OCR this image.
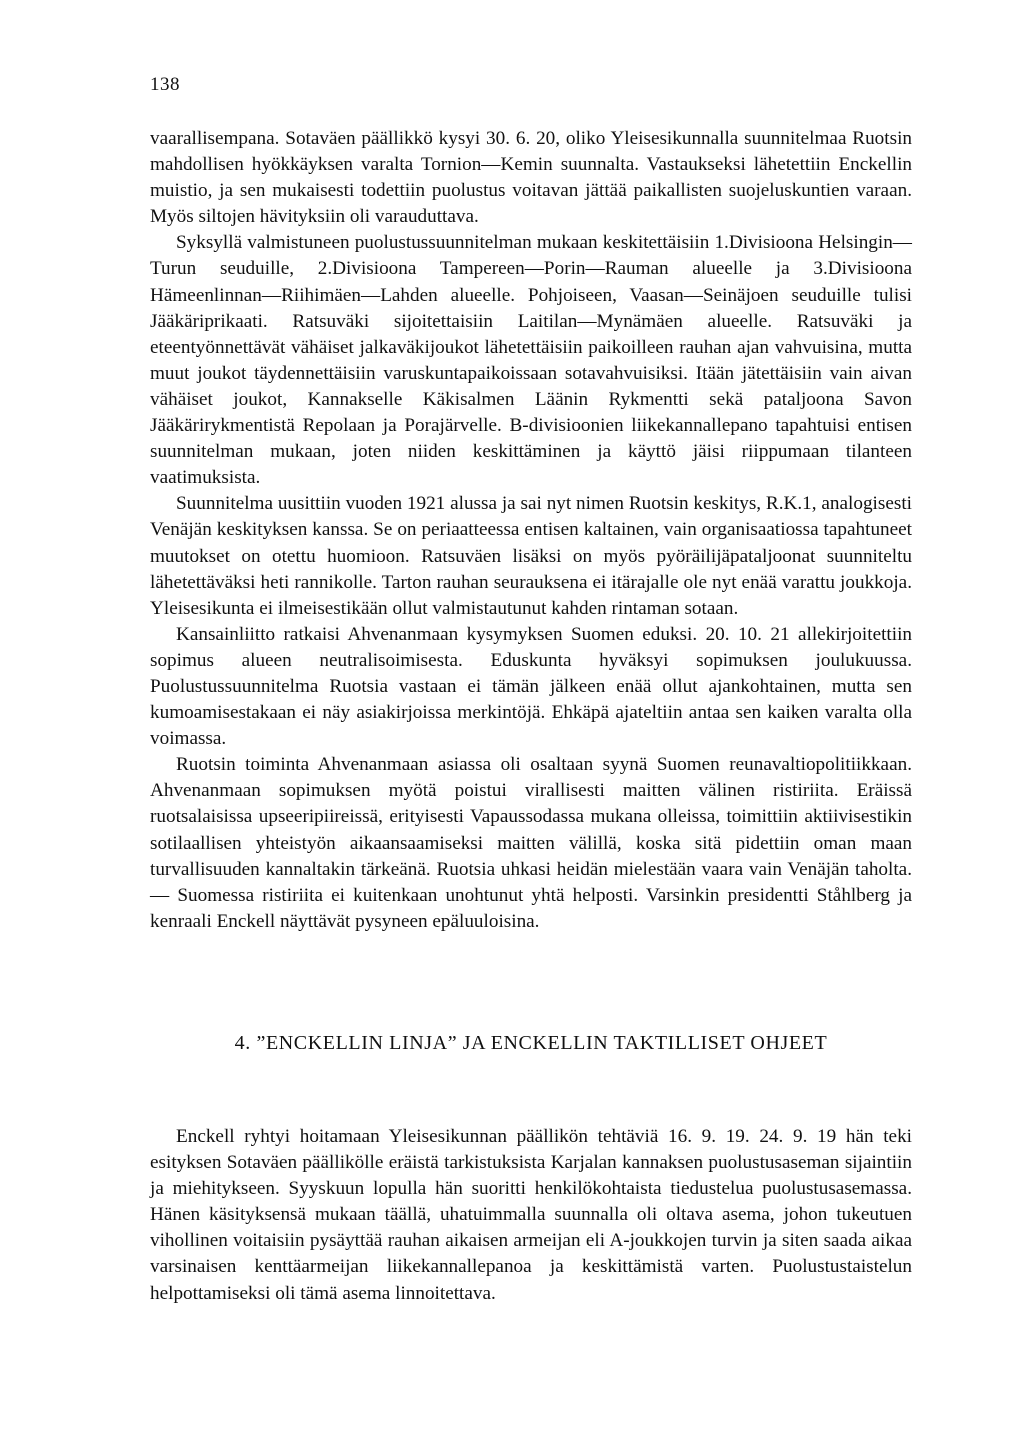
138

vaarallisempana. Sotaväen päällikkö kysyi 30. 6. 20, oliko Yleisesikunnalla suunnitelmaa Ruotsin mahdollisen hyökkäyksen varalta Tornion—Kemin suunnalta. Vastaukseksi lähetettiin Enckellin muistio, ja sen mukaisesti todettiin puolustus voitavan jättää paikallisten suojeluskuntien varaan. Myös siltojen hävityksiin oli varauduttava.

Syksyllä valmistuneen puolustussuunnitelman mukaan keskitettäisiin 1.Divisioona Helsingin—Turun seuduille, 2.Divisioona Tampereen—Porin—Rauman alueelle ja 3.Divisioona Hämeenlinnan—Riihimäen—Lahden alueelle. Pohjoiseen, Vaasan—Seinäjoen seuduille tulisi Jääkäriprikaati. Ratsuväki sijoitettaisiin Laitilan—Mynämäen alueelle. Ratsuväki ja eteentyönnettävät vähäiset jalkaväkijoukot lähetettäisiin paikoilleen rauhan ajan vahvuisina, mutta muut joukot täydennettäisiin varuskuntapaikoissaan sotavahvuisiksi. Itään jätettäisiin vain aivan vähäiset joukot, Kannakselle Käkisalmen Läänin Rykmentti sekä pataljoona Savon Jääkärirykmentistä Repolaan ja Porajärvelle. B-divisioonien liikekannallepano tapahtuisi entisen suunnitelman mukaan, joten niiden keskittäminen ja käyttö jäisi riippumaan tilanteen vaatimuksista.

Suunnitelma uusittiin vuoden 1921 alussa ja sai nyt nimen Ruotsin keskitys, R.K.1, analogisesti Venäjän keskityksen kanssa. Se on periaatteessa entisen kaltainen, vain organisaatiossa tapahtuneet muutokset on otettu huomioon. Ratsuväen lisäksi on myös pyöräilijäpataljoonat suunniteltu lähetettäväksi heti rannikolle. Tarton rauhan seurauksena ei itärajalle ole nyt enää varattu joukkoja. Yleisesikunta ei ilmeisestikään ollut valmistautunut kahden rintaman sotaan.

Kansainliitto ratkaisi Ahvenanmaan kysymyksen Suomen eduksi. 20. 10. 21 allekirjoitettiin sopimus alueen neutralisoimisesta. Eduskunta hyväksyi sopimuksen joulukuussa. Puolustussuunnitelma Ruotsia vastaan ei tämän jälkeen enää ollut ajankohtainen, mutta sen kumoamisestakaan ei näy asiakirjoissa merkintöjä. Ehkäpä ajateltiin antaa sen kaiken varalta olla voimassa.

Ruotsin toiminta Ahvenanmaan asiassa oli osaltaan syynä Suomen reunavaltiopolitiikkaan. Ahvenanmaan sopimuksen myötä poistui virallisesti maitten välinen ristiriita. Eräissä ruotsalaisissa upseeripiireissä, erityisesti Vapaussodassa mukana olleissa, toimittiin aktiivisestikin sotilaallisen yhteistyön aikaansaamiseksi maitten välillä, koska sitä pidettiin oman maan turvallisuuden kannaltakin tärkeänä. Ruotsia uhkasi heidän mielestään vaara vain Venäjän taholta. — Suomessa ristiriita ei kuitenkaan unohtunut yhtä helposti. Varsinkin presidentti Ståhlberg ja kenraali Enckell näyttävät pysyneen epäluuloisina.

4. ”ENCKELLIN LINJA” JA ENCKELLIN TAKTILLISET OHJEET

Enckell ryhtyi hoitamaan Yleisesikunnan päällikön tehtäviä 16. 9. 19. 24. 9. 19 hän teki esityksen Sotaväen päällikölle eräistä tarkistuksista Karjalan kannaksen puolustusaseman sijaintiin ja miehitykseen. Syyskuun lopulla hän suoritti henkilökohtaista tiedustelua puolustusasemassa. Hänen käsityksensä mukaan täällä, uhatuimmalla suunnalla oli oltava asema, johon tukeutuen vihollinen voitaisiin pysäyttää rauhan aikaisen armeijan eli A-joukkojen turvin ja siten saada aikaa varsinaisen kenttäarmeijan liikekannallepanoa ja keskittämistä varten. Puolustustaistelun helpottamiseksi oli tämä asema linnoitettava.
